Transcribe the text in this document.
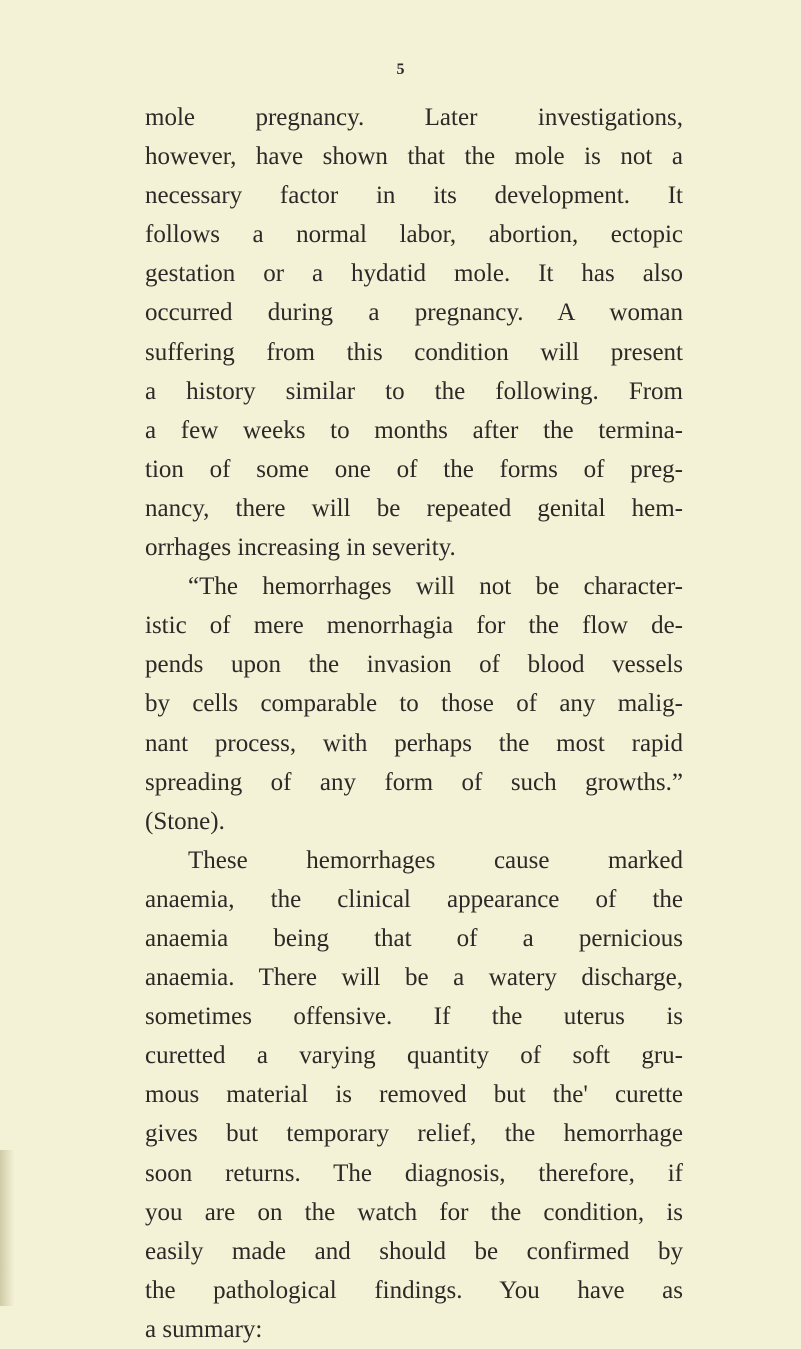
5
mole pregnancy. Later investigations,
however, have shown that the mole is not a
necessary factor in its development. It
follows a normal labor, abortion, ectopic
gestation or a hydatid mole. It has also
occurred during a pregnancy. A woman
suffering from this condition will present
a history similar to the following. From
a few weeks to months after the termina-
tion of some one of the forms of preg-
nancy, there will be repeated genital hem-
orrhages increasing in severity.
“The hemorrhages will not be character-
istic of mere menorrhagia for the flow de-
pends upon the invasion of blood vessels
by cells comparable to those of any malig-
nant process, with perhaps the most rapid
spreading of any form of such growths.”
(Stone).
These hemorrhages cause marked
anaemia, the clinical appearance of the
anaemia being that of a pernicious
anaemia. There will be a watery discharge,
sometimes offensive. If the uterus is
curetted a varying quantity of soft gru-
mous material is removed but the' curette
gives but temporary relief, the hemorrhage
soon returns. The diagnosis, therefore, if
you are on the watch for the condition, is
easily made and should be confirmed by
the pathological findings. You have as
a summary:
